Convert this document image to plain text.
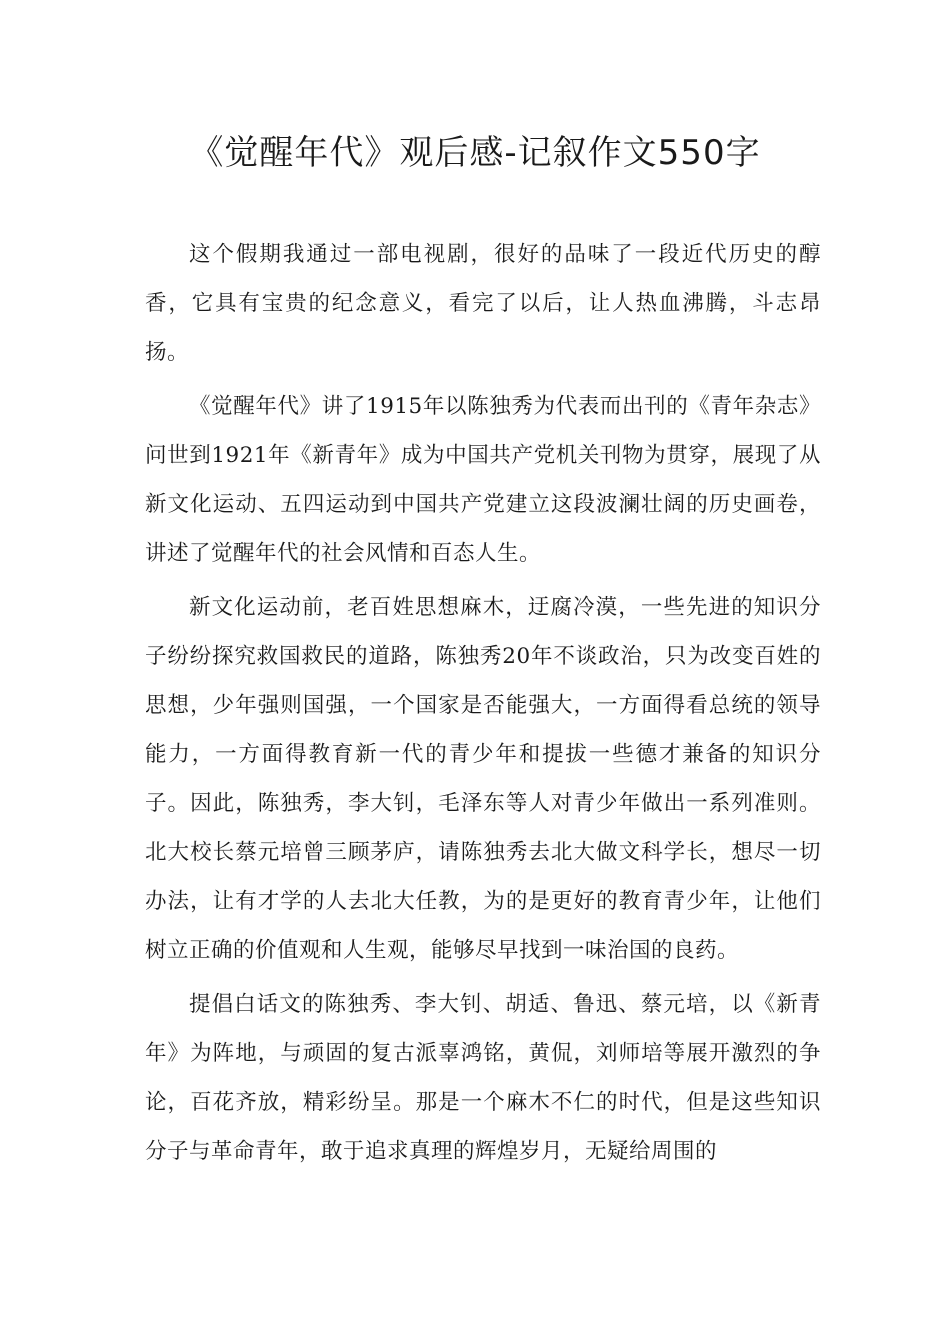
《觉醒年代》观后感-记叙作文550字

这个假期我通过一部电视剧，很好的品味了一段近代历史的醇香，它具有宝贵的纪念意义，看完了以后，让人热血沸腾，斗志昂扬。

《觉醒年代》讲了1915年以陈独秀为代表而出刊的《青年杂志》问世到1921年《新青年》成为中国共产党机关刊物为贯穿，展现了从新文化运动、五四运动到中国共产党建立这段波澜壮阔的历史画卷，讲述了觉醒年代的社会风情和百态人生。

新文化运动前，老百姓思想麻木，迂腐冷漠，一些先进的知识分子纷纷探究救国救民的道路，陈独秀20年不谈政治，只为改变百姓的思想，少年强则国强，一个国家是否能强大，一方面得看总统的领导能力，一方面得教育新一代的青少年和提拔一些德才兼备的知识分子。因此，陈独秀，李大钊，毛泽东等人对青少年做出一系列准则。北大校长蔡元培曾三顾茅庐，请陈独秀去北大做文科学长，想尽一切办法，让有才学的人去北大任教，为的是更好的教育青少年，让他们树立正确的价值观和人生观，能够尽早找到一味治国的良药。

提倡白话文的陈独秀、李大钊、胡适、鲁迅、蔡元培，以《新青年》为阵地，与顽固的复古派辜鸿铭，黄侃，刘师培等展开激烈的争论，百花齐放，精彩纷呈。那是一个麻木不仁的时代，但是这些知识分子与革命青年，敢于追求真理的辉煌岁月，无疑给周围的
